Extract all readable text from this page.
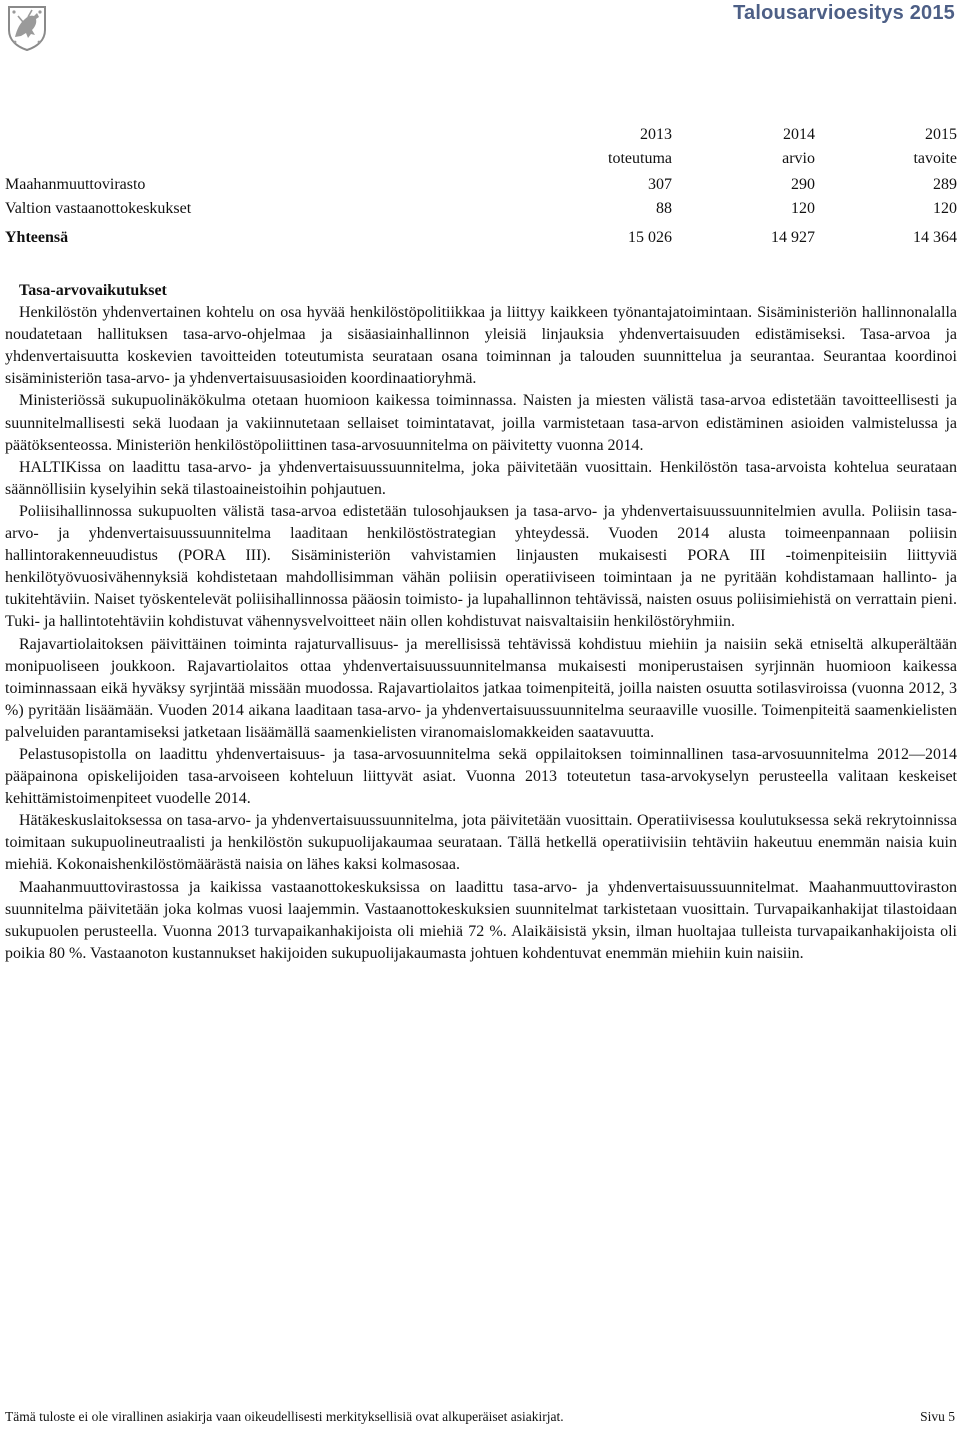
Talousarvioesitys 2015
	2013	2014	2015
	toteutuma	arvio	tavoite
Maahanmuuttovirasto	307	290	289
Valtion vastaanottokeskukset	88	120	120
Yhteensä	15 026	14 927	14 364
Tasa-arvovaikutukset

Henkilöstön yhdenvertainen kohtelu on osa hyvää henkilöstöpolitiikkaa ja liittyy kaikkeen työnantajatoimintaan. Sisäministeriön hallinnonalalla noudatetaan hallituksen tasa-arvo-ohjelmaa ja sisäasiainhallinnon yleisiä linjauksia yhdenvertaisuuden edistämiseksi. Tasa-arvoa ja yhdenvertaisuutta koskevien tavoitteiden toteutumista seurataan osana toiminnan ja talouden suunnittelua ja seurantaa. Seurantaa koordinoi sisäministeriön tasa-arvo- ja yhdenvertaisuusasioiden koordinaatioryhmä.

Ministeriössä sukupuolinäkökulma otetaan huomioon kaikessa toiminnassa. Naisten ja miesten välistä tasa-arvoa edistetään tavoitteellisesti ja suunnitelmallisesti sekä luodaan ja vakiinnutetaan sellaiset toimintatavat, joilla varmistetaan tasa-arvon edistäminen asioiden valmistelussa ja päätöksenteossa. Ministeriön henkilöstöpoliittinen tasa-arvosuunnitelma on päivitetty vuonna 2014.

HALTIKissa on laadittu tasa-arvo- ja yhdenvertaisuussuunnitelma, joka päivitetään vuosittain. Henkilöstön tasa-arvoista kohtelua seurataan säännöllisiin kyselyihin sekä tilastoaineistoihin pohjautuen.

Poliisihallinnossa sukupuolten välistä tasa-arvoa edistetään tulosohjauksen ja tasa-arvo- ja yhdenvertaisuussuunnitelmien avulla. Poliisin tasa-arvo- ja yhdenvertaisuussuunnitelma laaditaan henkilöstöstrategian yhteydessä. Vuoden 2014 alusta toimeenpannaan poliisin hallintorakenneuudistus (PORA III). Sisäministeriön vahvistamien linjausten mukaisesti PORA III -toimenpiteisiin liittyviä henkilötyövuosivähennyksiä kohdistetaan mahdollisimman vähän poliisin operatiiviseen toimintaan ja ne pyritään kohdistamaan hallinto- ja tukitehtäviin. Naiset työskentelevät poliisihallinnossa pääosin toimisto- ja lupahallinnon tehtävissä, naisten osuus poliisimiehistä on verrattain pieni. Tuki- ja hallintotehtäviin kohdistuvat vähennysvelvoitteet näin ollen kohdistuvat naisvaltaisiin henkilöstöryhmiin.

Rajavartiolaitoksen päivittäinen toiminta rajaturvallisuus- ja merellisissä tehtävissä kohdistuu miehiin ja naisiin sekä etniseltä alkuperältään monipuoliseen joukkoon. Rajavartiolaitos ottaa yhdenvertaisuussuunnitelmansa mukaisesti moniperustaisen syrjinnän huomioon kaikessa toiminnassaan eikä hyväksy syrjintää missään muodossa. Rajavartiolaitos jatkaa toimenpiteitä, joilla naisten osuutta sotilasviroissa (vuonna 2012, 3 %) pyritään lisäämään. Vuoden 2014 aikana laaditaan tasa-arvo- ja yhdenvertaisuussuunnitelma seuraaville vuosille. Toimenpiteitä saamenkielisten palveluiden parantamiseksi jatketaan lisäämällä saamenkielisten viranomaislomakkeiden saatavuutta.

Pelastusopistolla on laadittu yhdenvertaisuus- ja tasa-arvosuunnitelma sekä oppilaitoksen toiminnallinen tasa-arvosuunnitelma 2012—2014 pääpainona opiskelijoiden tasa-arvoiseen kohteluun liittyvät asiat. Vuonna 2013 toteutetun tasa-arvokyselyn perusteella valitaan keskeiset kehittämistoimenpiteet vuodelle 2014.

Hätäkeskuslaitoksessa on tasa-arvo- ja yhdenvertaisuussuunnitelma, jota päivitetään vuosittain. Operatiivisessa koulutuksessa sekä rekrytoinnissa toimitaan sukupuolineutraalisti ja henkilöstön sukupuolijakaumaa seurataan. Tällä hetkellä operatiivisiin tehtäviin hakeutuu enemmän naisia kuin miehiä. Kokonaishenkilöstömäärästä naisia on lähes kaksi kolmasosaa.

Maahanmuuttovirastossa ja kaikissa vastaanottokeskuksissa on laadittu tasa-arvo- ja yhdenvertaisuussuunnitelmat. Maahanmuuttoviraston suunnitelma päivitetään joka kolmas vuosi laajemmin. Vastaanottokeskuksien suunnitelmat tarkistetaan vuosittain. Turvapaikanhakijat tilastoidaan sukupuolen perusteella. Vuonna 2013 turvapaikanhakijoista oli miehiä 72 %. Alaikäisistä yksin, ilman huoltajaa tulleista turvapaikanhakijoista oli poikia 80 %. Vastaanoton kustannukset hakijoiden sukupuolijakaumasta johtuen kohdentuvat enemmän miehiin kuin naisiin.

Tämä tuloste ei ole virallinen asiakirja vaan oikeudellisesti merkityksellisiä ovat alkuperäiset asiakirjat.	Sivu 5
